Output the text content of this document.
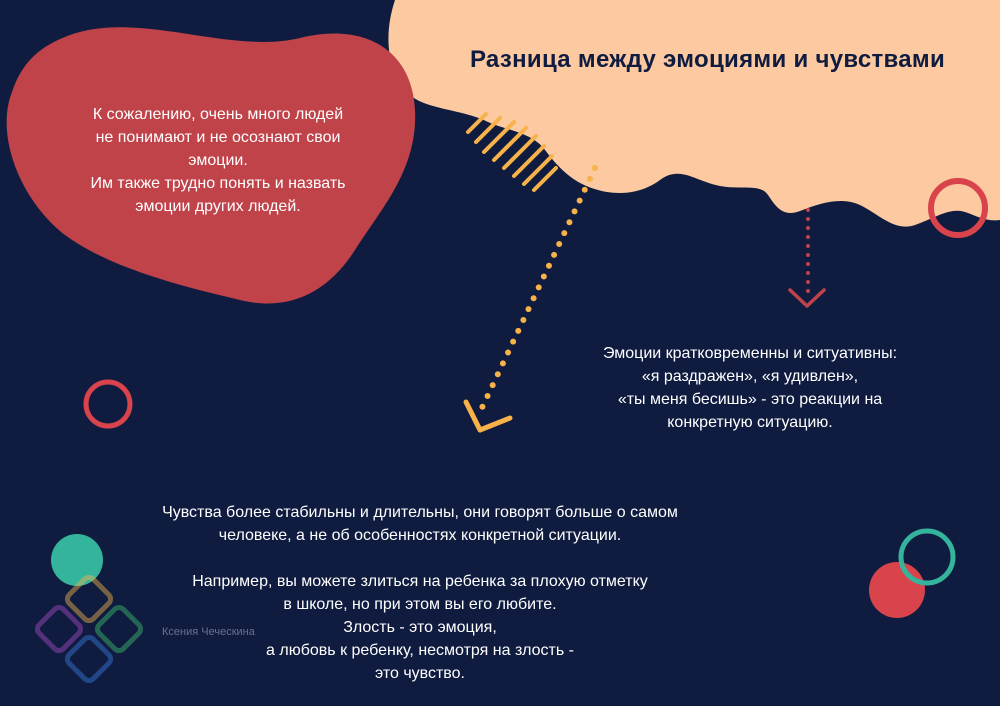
Разница между эмоциями и чувствами
К сожалению, очень много людей
не понимают и не осознают свои
эмоции.
Им также трудно понять и назвать
эмоции других людей.
Эмоции кратковременны и ситуативны:
«я раздражен», «я удивлен»,
«ты меня бесишь» - это реакции на
конкретную ситуацию.
Чувства более стабильны и длительны, они говорят больше о самом
человеке, а не об особенностях конкретной ситуации.
Например, вы можете злиться на ребенка за плохую отметку
в школе, но при этом вы его любите.
Злость - это эмоция,
а любовь к ребенку, несмотря на злость -
это чувство.
Ксения Чеческина
